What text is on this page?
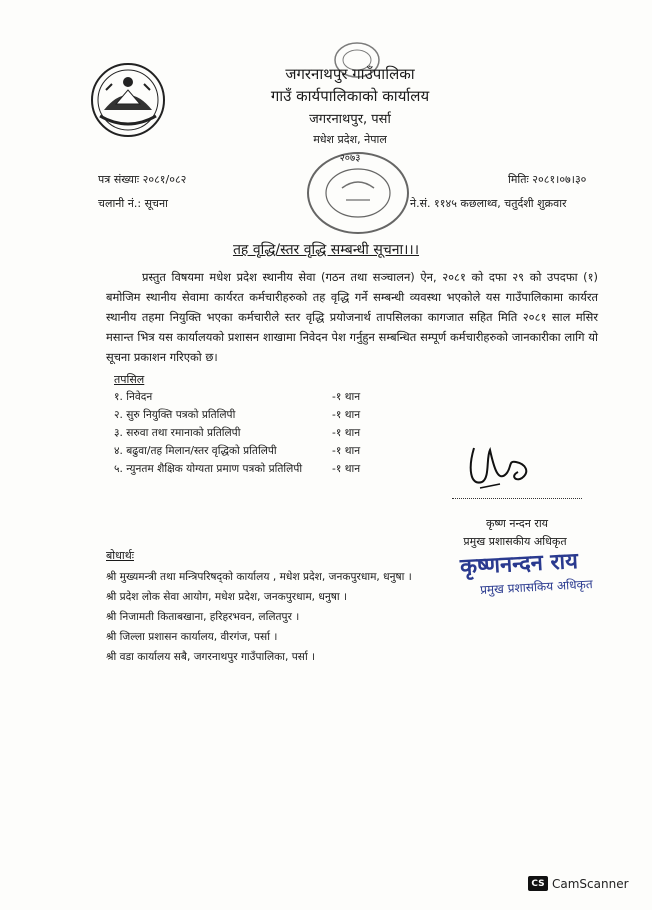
जगरनाथपुर गाउँपालिका
गाउँ कार्यपालिकाको कार्यालय
जगरनाथपुर, पर्सा
मधेश प्रदेश, नेपाल
२०७३
पत्र संख्याः २०८१/०८२	मितिः २०८१।०७।३०
चलानी नं.: सूचना	ने.सं. ११४५ कछलाथ्व, चतुर्दशी शुक्रवार
तह वृद्धि/स्तर वृद्धि सम्बन्धी सूचना।।।
प्रस्तुत विषयमा मधेश प्रदेश स्थानीय सेवा (गठन तथा सञ्चालन) ऐन, २०८१ को दफा २९ को उपदफा (१) बमोजिम स्थानीय सेवामा कार्यरत कर्मचारीहरुको तह वृद्धि गर्ने सम्बन्धी व्यवस्था भएकोले यस गाउँपालिकामा कार्यरत स्थानीय तहमा नियुक्ति भएका कर्मचारीले स्तर वृद्धि प्रयोजनार्थ तापसिलका कागजात सहित मिति २०८१ साल मसिर मसान्त भित्र यस कार्यालयको प्रशासन शाखामा निवेदन पेश गर्नुहुन सम्बन्धित सम्पूर्ण कर्मचारीहरुको जानकारीका लागि यो सूचना प्रकाशन गरिएको छ।
तपसिल
१. निवेदन	-१ थान
२. सुरु नियुक्ति पत्रको प्रतिलिपी	-१ थान
३. सरुवा तथा रमानाको प्रतिलिपी	-१ थान
४. बढुवा/तह मिलान/स्तर वृद्धिको प्रतिलिपी	-१ थान
५. न्युनतम शैक्षिक योग्यता प्रमाण पत्रको प्रतिलिपी	-१ थान
कृष्ण नन्दन राय
प्रमुख प्रशासकीय अधिकृत
कृष्णनन्दन राय
प्रमुख प्रशासकिय अधिकृत
बोधार्थः
श्री मुख्यमन्त्री तथा मन्त्रिपरिषद्को कार्यालय , मधेश प्रदेश, जनकपुरधाम, धनुषा ।
श्री प्रदेश लोक सेवा आयोग, मधेश प्रदेश, जनकपुरधाम, धनुषा ।
श्री निजामती किताबखाना, हरिहरभवन, ललितपुर ।
श्री जिल्ला प्रशासन कार्यालय, वीरगंज, पर्सा ।
श्री वडा कार्यालय सबै, जगरनाथपुर गाउँपालिका, पर्सा ।
CS CamScanner
